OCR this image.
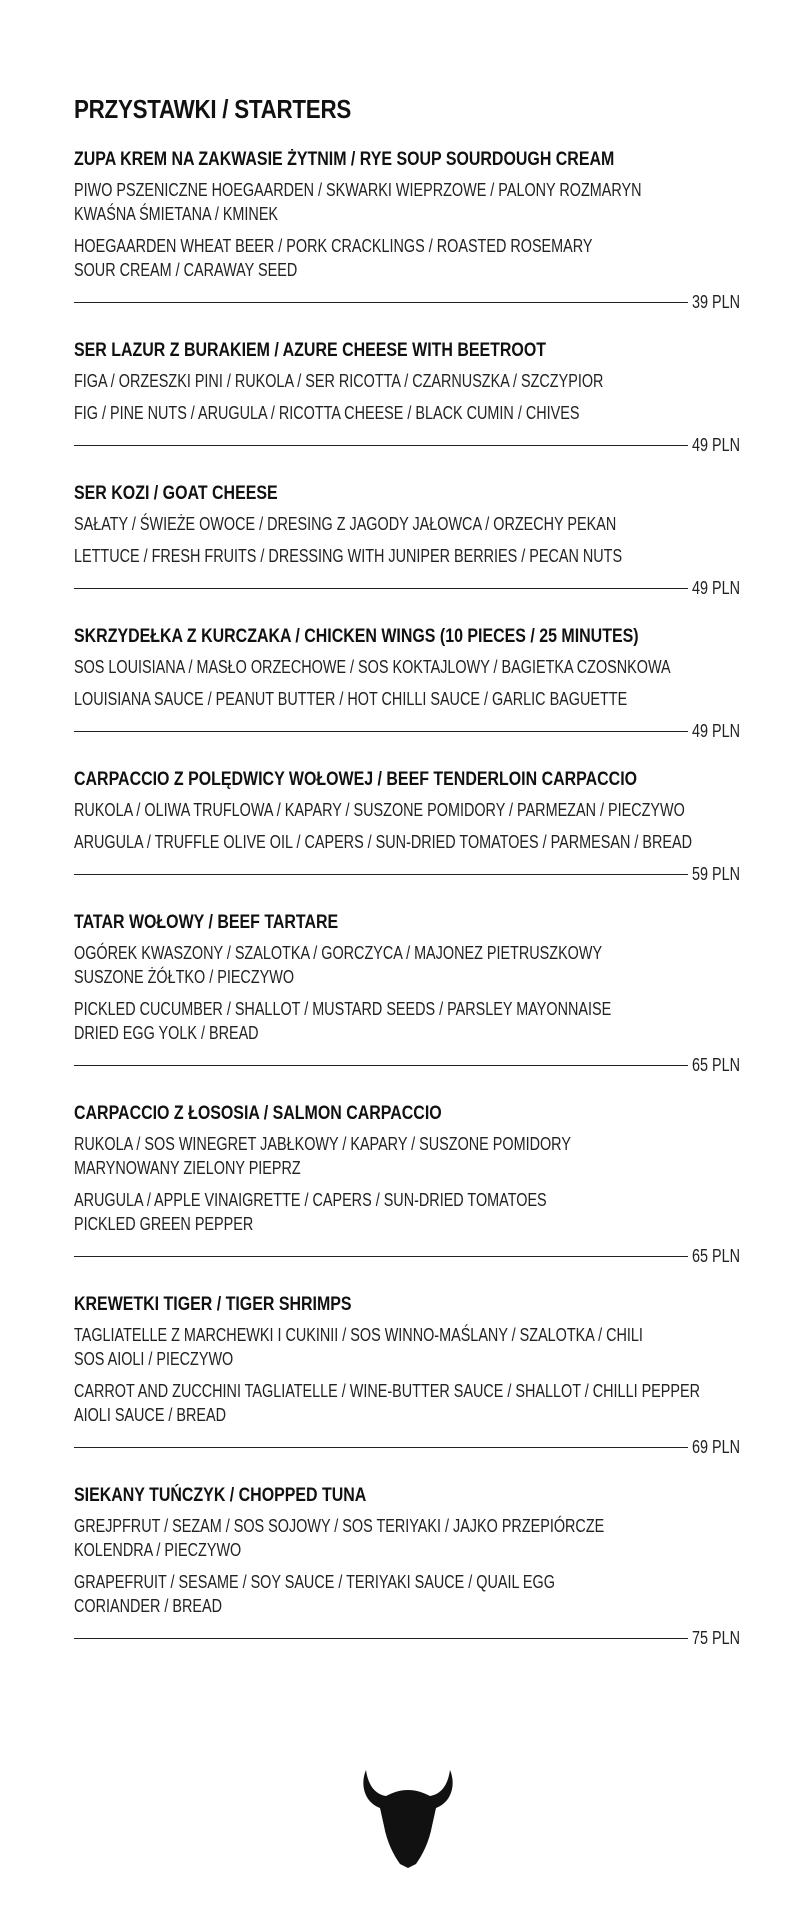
PRZYSTAWKI / STARTERS
ZUPA KREM NA ZAKWASIE ŻYTNIM / RYE SOUP SOURDOUGH CREAM
PIWO PSZENICZNE HOEGAARDEN / SKWARKI WIEPRZOWE / PALONY ROZMARYN
KWAŚNA ŚMIETANA / KMINEK
HOEGAARDEN WHEAT BEER / PORK CRACKLINGS / ROASTED ROSEMARY
SOUR CREAM / CARAWAY SEED
39 PLN
SER LAZUR Z BURAKIEM / AZURE CHEESE WITH BEETROOT
FIGA / ORZESZKI PINI / RUKOLA / SER RICOTTA / CZARNUSZKA / SZCZYPIOR
FIG / PINE NUTS / ARUGULA / RICOTTA CHEESE / BLACK CUMIN / CHIVES
49 PLN
SER KOZI / GOAT CHEESE
SAŁATY / ŚWIEŻE OWOCE / DRESING Z JAGODY JAŁOWCA / ORZECHY PEKAN
LETTUCE / FRESH FRUITS / DRESSING WITH JUNIPER BERRIES / PECAN NUTS
49 PLN
SKRZYDEŁKA Z KURCZAKA / CHICKEN WINGS (10 PIECES / 25 MINUTES)
SOS LOUISIANA / MASŁO ORZECHOWE / SOS KOKTAJLOWY / BAGIETKA CZOSNKOWA
LOUISIANA SAUCE / PEANUT BUTTER / HOT CHILLI SAUCE / GARLIC BAGUETTE
49 PLN
CARPACCIO Z POLĘDWICY WOŁOWEJ / BEEF TENDERLOIN CARPACCIO
RUKOLA / OLIWA TRUFLOWA / KAPARY / SUSZONE POMIDORY / PARMEZAN / PIECZYWO
ARUGULA / TRUFFLE OLIVE OIL / CAPERS / SUN-DRIED TOMATOES / PARMESAN / BREAD
59 PLN
TATAR WOŁOWY / BEEF TARTARE
OGÓREK KWASZONY / SZALOTKA / GORCZYCA / MAJONEZ PIETRUSZKOWY
SUSZONE ŻÓŁTKO / PIECZYWO
PICKLED CUCUMBER / SHALLOT / MUSTARD SEEDS / PARSLEY MAYONNAISE
DRIED EGG YOLK / BREAD
65 PLN
CARPACCIO Z ŁOSOSIA / SALMON CARPACCIO
RUKOLA / SOS WINEGRET JABŁKOWY / KAPARY / SUSZONE POMIDORY
MARYNOWANY ZIELONY PIEPRZ
ARUGULA / APPLE VINAIGRETTE / CAPERS / SUN-DRIED TOMATOES
PICKLED GREEN PEPPER
65 PLN
KREWETKI TIGER / TIGER SHRIMPS
TAGLIATELLE Z MARCHEWKI I CUKINII / SOS WINNO-MAŚLANY / SZALOTKA / CHILI
SOS AIOLI / PIECZYWO
CARROT AND ZUCCHINI TAGLIATELLE / WINE-BUTTER SAUCE / SHALLOT / CHILLI PEPPER
AIOLI SAUCE / BREAD
69 PLN
SIEKANY TUŃCZYK / CHOPPED TUNA
GREJPFRUT / SEZAM / SOS SOJOWY / SOS TERIYAKI / JAJKO PRZEPIÓRCZE
KOLENDRA / PIECZYWO
GRAPEFRUIT / SESAME / SOY SAUCE / TERIYAKI SAUCE / QUAIL EGG
CORIANDER / BREAD
75 PLN
